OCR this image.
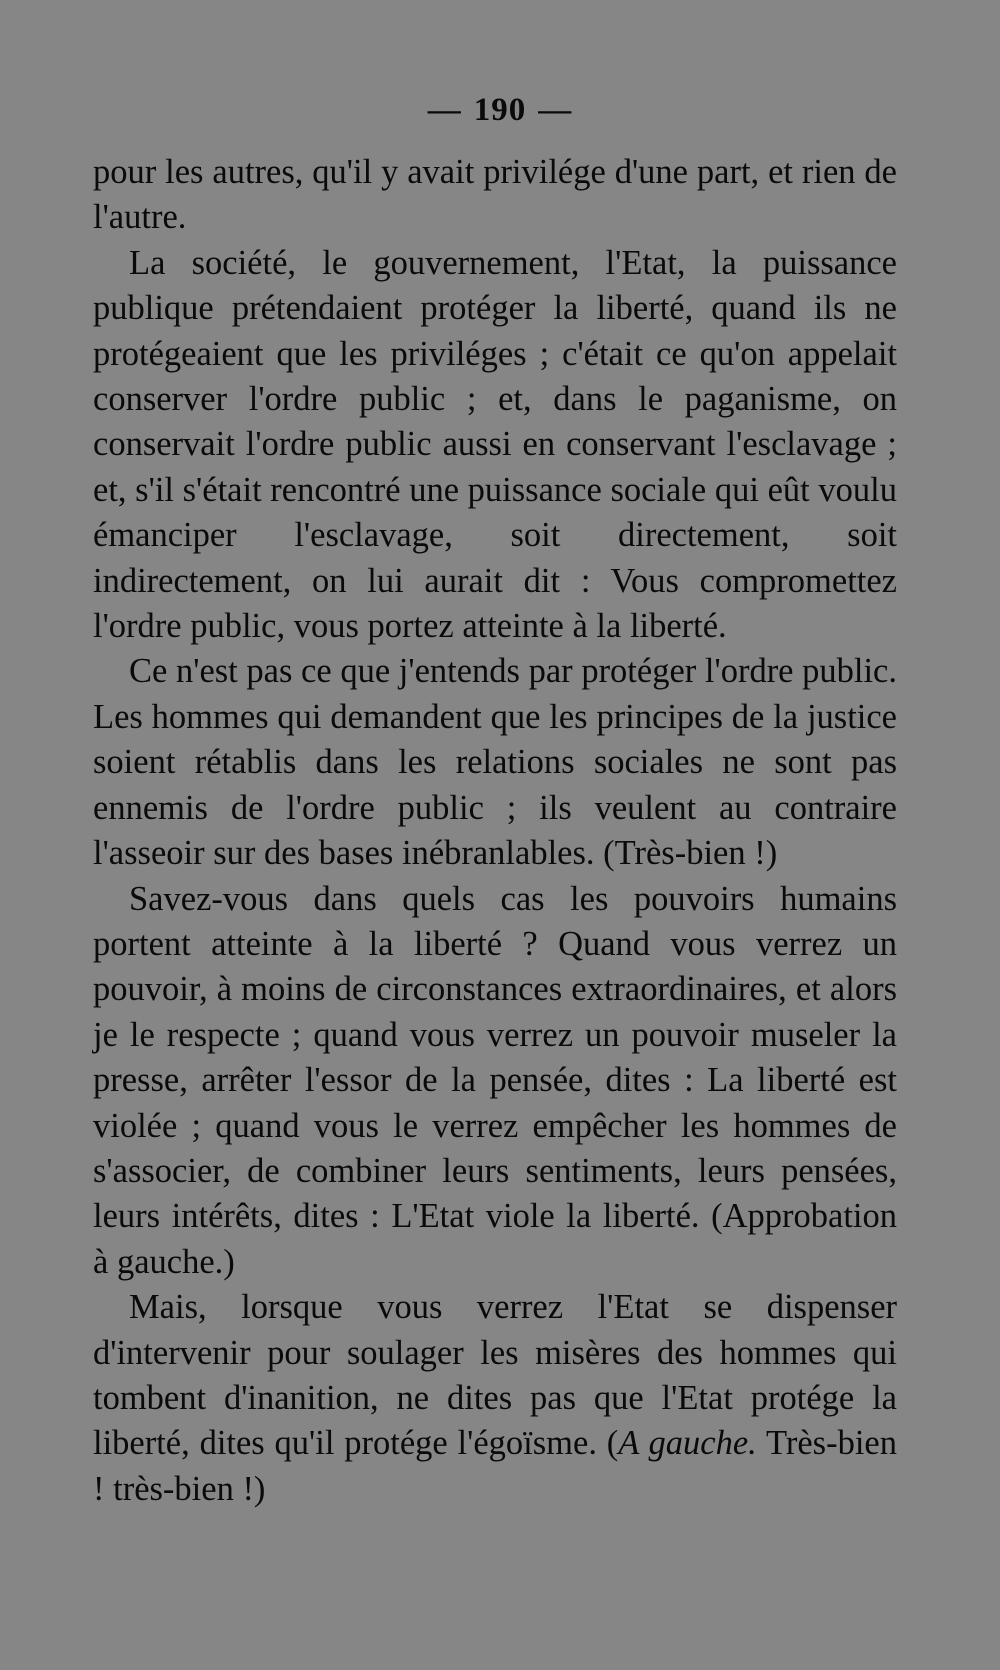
— 190 —

pour les autres, qu'il y avait privilége d'une part, et rien de l'autre.

La société, le gouvernement, l'Etat, la puissance publique prétendaient protéger la liberté, quand ils ne protégeaient que les priviléges ; c'était ce qu'on appelait conserver l'ordre public ; et, dans le paganisme, on conservait l'ordre public aussi en conservant l'esclavage ; et, s'il s'était rencontré une puissance sociale qui eût voulu émanciper l'esclavage, soit directement, soit indirectement, on lui aurait dit : Vous compromettez l'ordre public, vous portez atteinte à la liberté.

Ce n'est pas ce que j'entends par protéger l'ordre public. Les hommes qui demandent que les principes de la justice soient rétablis dans les relations sociales ne sont pas ennemis de l'ordre public ; ils veulent au contraire l'asseoir sur des bases inébranlables. (Très-bien !)

Savez-vous dans quels cas les pouvoirs humains portent atteinte à la liberté ? Quand vous verrez un pouvoir, à moins de circonstances extraordinaires, et alors je le respecte ; quand vous verrez un pouvoir museler la presse, arrêter l'essor de la pensée, dites : La liberté est violée ; quand vous le verrez empêcher les hommes de s'associer, de combiner leurs sentiments, leurs pensées, leurs intérêts, dites : L'Etat viole la liberté. (Approbation à gauche.)

Mais, lorsque vous verrez l'Etat se dispenser d'intervenir pour soulager les misères des hommes qui tombent d'inanition, ne dites pas que l'Etat protége la liberté, dites qu'il protége l'égoïsme. (A gauche. Très-bien ! très-bien !)
